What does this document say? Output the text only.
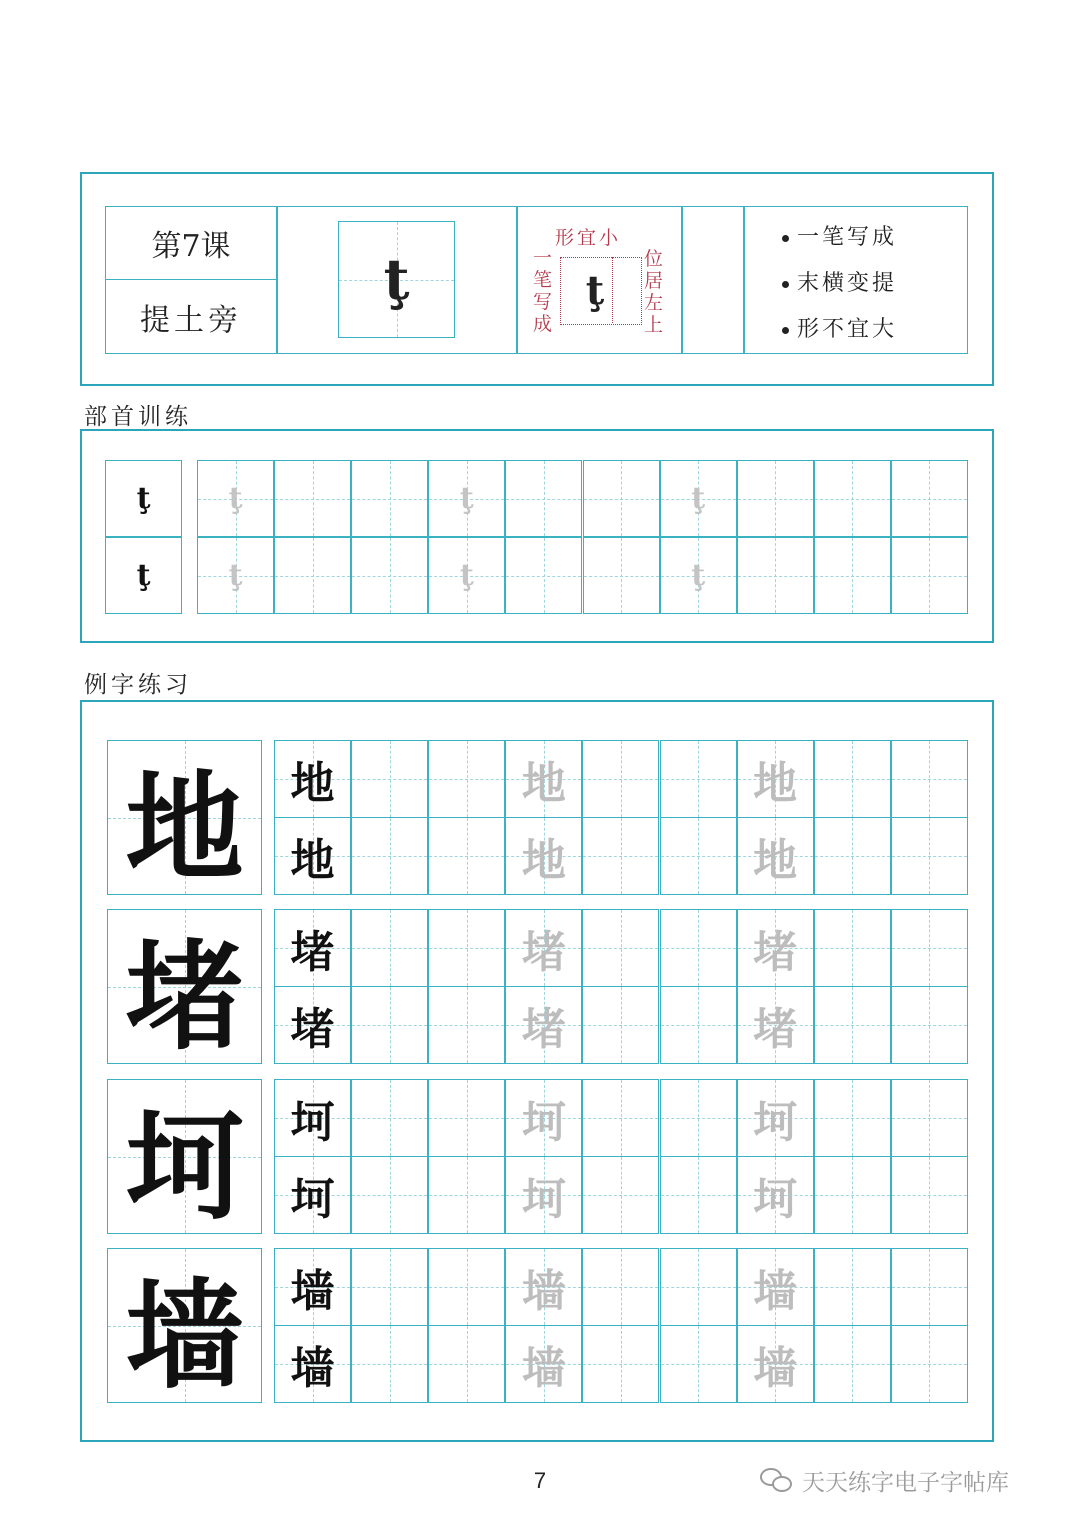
第7课
提土旁
ţ
形宜小
一笔写成
位居左上
ţ
一笔写成
末横变提
形不宜大
部首训练
ţ
ţ
ţ	ţ	ţ
ţ	ţ	ţ
例字练习
地 地	地	地
地	地	地
堵 堵	堵	堵
堵	堵	堵
坷 坷	坷	坷
坷	坷	坷
墙 墙	墙	墙
墙	墙	墙
7	天天练字电子字帖库
